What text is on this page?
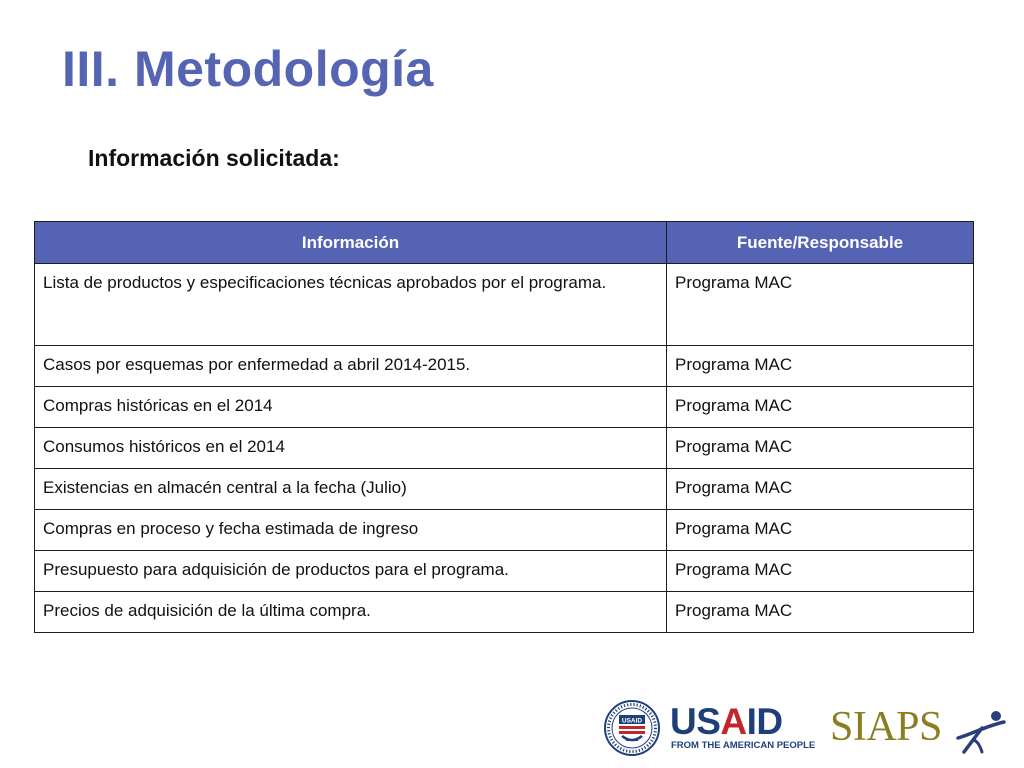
III. Metodología
Información solicitada:
Información	Fuente/Responsable
Lista de productos y especificaciones técnicas aprobados por el programa.	Programa MAC
Casos por esquemas por enfermedad a abril 2014-2015.	Programa MAC
Compras históricas en el 2014	Programa MAC
Consumos históricos en el 2014	Programa MAC
Existencias en almacén central a la fecha (Julio)	Programa MAC
Compras en proceso y fecha estimada de ingreso	Programa MAC
Presupuesto para adquisición de productos para el programa.	Programa MAC
Precios de adquisición de la última compra.	Programa MAC
USAID USAID
FROM THE AMERICAN PEOPLE SIAPS
